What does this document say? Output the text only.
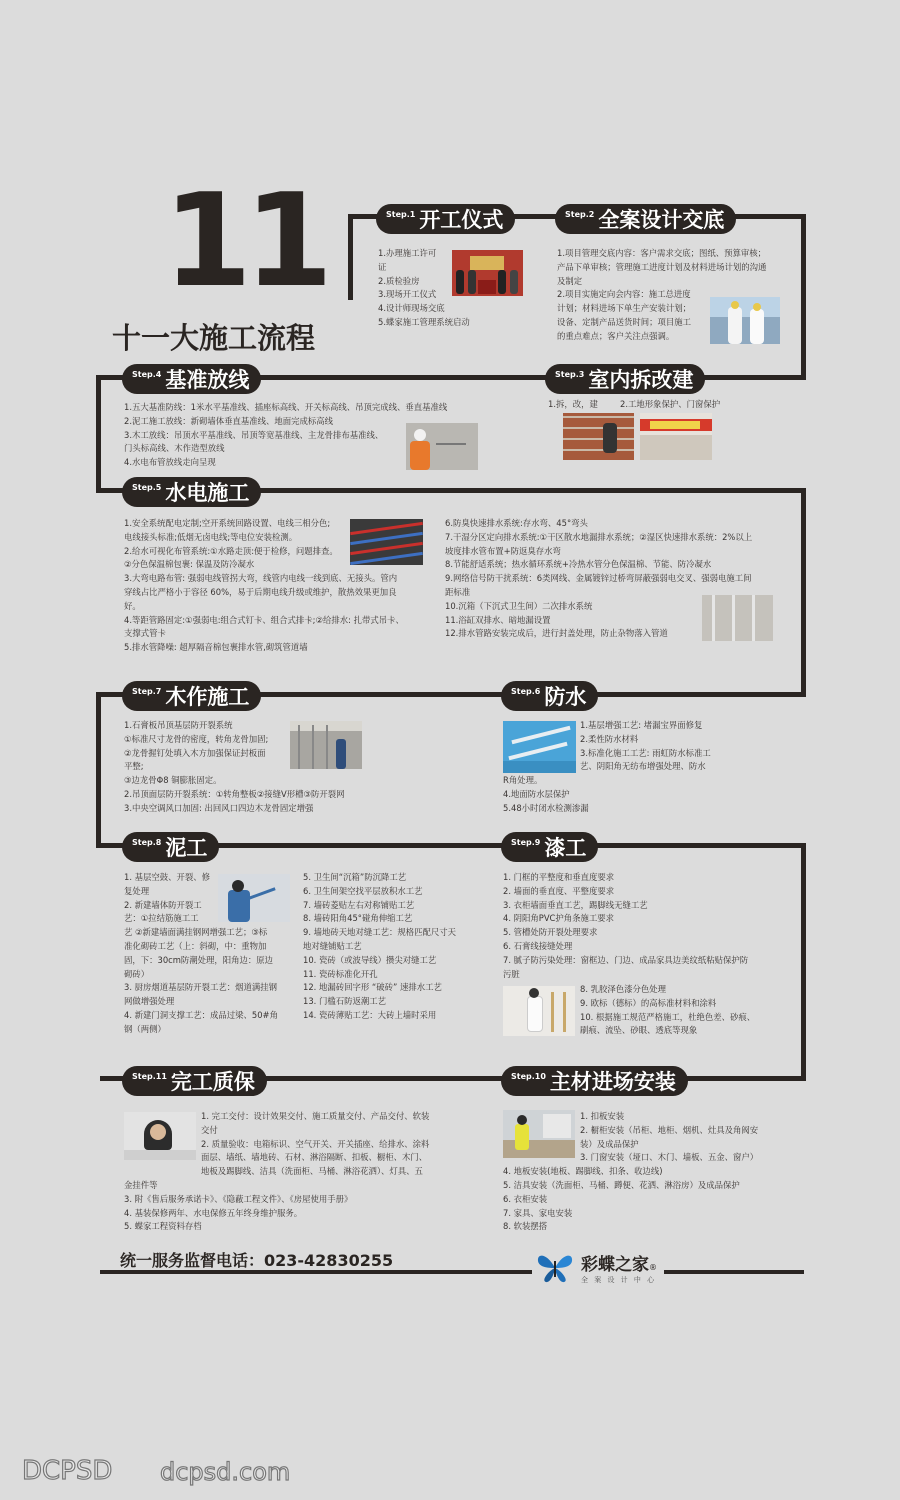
11
十一大施工流程
Step.1 开工仪式
1.办理施工许可
证
2.质检验房
3.现场开工仪式
4.设计师现场交底
5.蝶家施工管理系统启动
Step.2 全案设计交底
1.项目管理交底内容：客户需求交底；图纸、预算审核；
产品下单审核；管理施工进度计划及材料进场计划的沟通
及制定
2.项目实施定向会内容：施工总进度
计划；材料进场下单生产安装计划；
设备、定制产品送货时间；项目施工
的重点难点；客户关注点强调。
Step.3 室内拆改建
1.拆，改，建	2.工地形象保护、门窗保护
Step.4 基准放线
1.五大基准防线：1米水平基准线、插座标高线、开关标高线、吊顶完成线、垂直基准线
2.泥工施工放线：新砌墙体垂直基准线、地面完成标高线
3.木工放线：吊顶水平基准线、吊顶等宽基准线、主龙骨排布基准线、
门头标高线、木作造型放线
4.水电布管放线走向呈现
Step.5 水电施工
1.安全系统配电定制;空开系统回路设置、电线三相分色;
电线接头标准;低烟无卤电线;等电位安装检测。
2.给水可视化布管系统:①水路走顶:便于检修，问题排查。
②分色保温棉包裹: 保温及防冷凝水
3.大弯电路布管: 强弱电线管拐大弯，线管内电线一线到底、无接头。管内
穿线占比严格小于容径 60%，易于后期电线升级或维护，散热效果更加良
好。
4.等距管路固定:①强弱电:组合式钉卡、组合式排卡;②给排水: 扎带式吊卡、
支撑式管卡
5.排水管降噪: 超厚隔音棉包裹排水管,砌筑管道墙
6.防臭快速排水系统:存水弯、45°弯头
7.干湿分区定向排水系统:①干区散水地漏排水系统；②湿区快速排水系统：2%以上
坡度排水管布置+防返臭存水弯
8.节能舒适系统；热水循环系统+冷热水管分色保温棉、节能、防冷凝水
9.网络信号防干扰系统：6类网线、金属镀锌过桥弯屏蔽强弱电交叉、强弱电施工间
距标准
10.沉箱（下沉式卫生间）二次排水系统
11.浴缸双排水、暗地漏设置
12.排水管路安装完成后，进行封盖处理，防止杂物落入管道
Step.6 防水
1.基层增强工艺: 堵漏宝界面修复
2.柔性防水材料
3.标准化施工工艺: 雨虹防水标准工
艺、阴阳角无纺布增强处理、防水
R角处理。
4.地面防水层保护
5.48小时闭水检测渗漏
Step.7 木作施工
1.石膏板吊顶基层防开裂系统
①标准尺寸龙骨的密度，转角龙骨加固;
②龙骨握钉处填入木方加强保证封板面
平整;
③边龙骨Φ8 铜膨胀固定。
2.吊顶面层防开裂系统：①转角整板②接缝V形槽③防开裂网
3.中央空调风口加固: 出回风口四边木龙骨固定增强
Step.8 泥工
1. 基层空鼓、开裂、修
复处理
2. 新建墙体防开裂工
艺：①拉结筋施工工
艺 ②新建墙面满挂钢网增强工艺；③标
准化砌砖工艺（上：斜砌，中：重物加
固，下：30cm防潮处理，阳角边：原边
砌砖）
3. 厨房烟道基层防开裂工艺：烟道满挂钢
网做增强处理
4. 新建门洞支撑工艺：成品过梁、50#角
钢（两侧）
5. 卫生间“沉箱”防沉降工艺
6. 卫生间架空找平层放积水工艺
7. 墙砖菱贴左右对称铺贴工艺
8. 墙砖阳角45°碰角伸缩工艺
9. 墙地砖天地对缝工艺：规格匹配尺寸天
地对缝铺贴工艺
10. 瓷砖（或波导线）攒尖对缝工艺
11. 瓷砖标准化开孔
12. 地漏砖回字形 “破砖” 速排水工艺
13. 门槛石防返潮工艺
14. 瓷砖薄贴工艺：大砖上墙时采用
Step.9 漆工
1. 门框的平整度和垂直度要求
2. 墙面的垂直度、平整度要求
3. 衣柜墙面垂直工艺，踢脚线无缝工艺
4. 阴阳角PVC护角条施工要求
5. 管槽处防开裂处理要求
6. 石膏线接缝处理
7. 腻子防污染处理：窗框边、门边、成品家具边美纹纸粘贴保护防
污脏
8. 乳胶泽色漆分色处理
9. 欧标（德标）的高标准材料和涂料
10. 根据施工规范严格施工，杜绝色差、砂痕、
刷痕、流坠、砂眼、透底等现象
Step.10 主材进场安装
1. 扣板安装
2. 橱柜安装（吊柜、地柜、烟机、灶具及角阀安
装）及成品保护
3. 门窗安装（垭口、木门、墙板、五金、窗户）
4. 地板安装(地板、踢脚线、扣条、收边线)
5. 洁具安装（洗面柜、马桶、蹲便、花洒、淋浴房）及成品保护
6. 衣柜安装
7. 家具、家电安装
8. 软装摆搭
Step.11 完工质保
1. 完工交付：设计效果交付、施工质量交付、产品交付、软装
交付
2. 质量验收：电箱标识、空气开关、开关插座、给排水、涂料
面层、墙纸、墙地砖、石材、淋浴隔断、扣板、橱柜、木门、
地板及踢脚线、洁具（洗面柜、马桶、淋浴花洒）、灯具、五
金挂件等
3. 附《售后服务承诺卡》、《隐蔽工程文件》、《房屋使用手册》
4. 基装保修两年、水电保修五年终身维护服务。
5. 蝶家工程资料存档
统一服务监督电话：023-42830255	彩蝶之家®
全 案 设 计 中 心
DCPSD dcpsd.com
